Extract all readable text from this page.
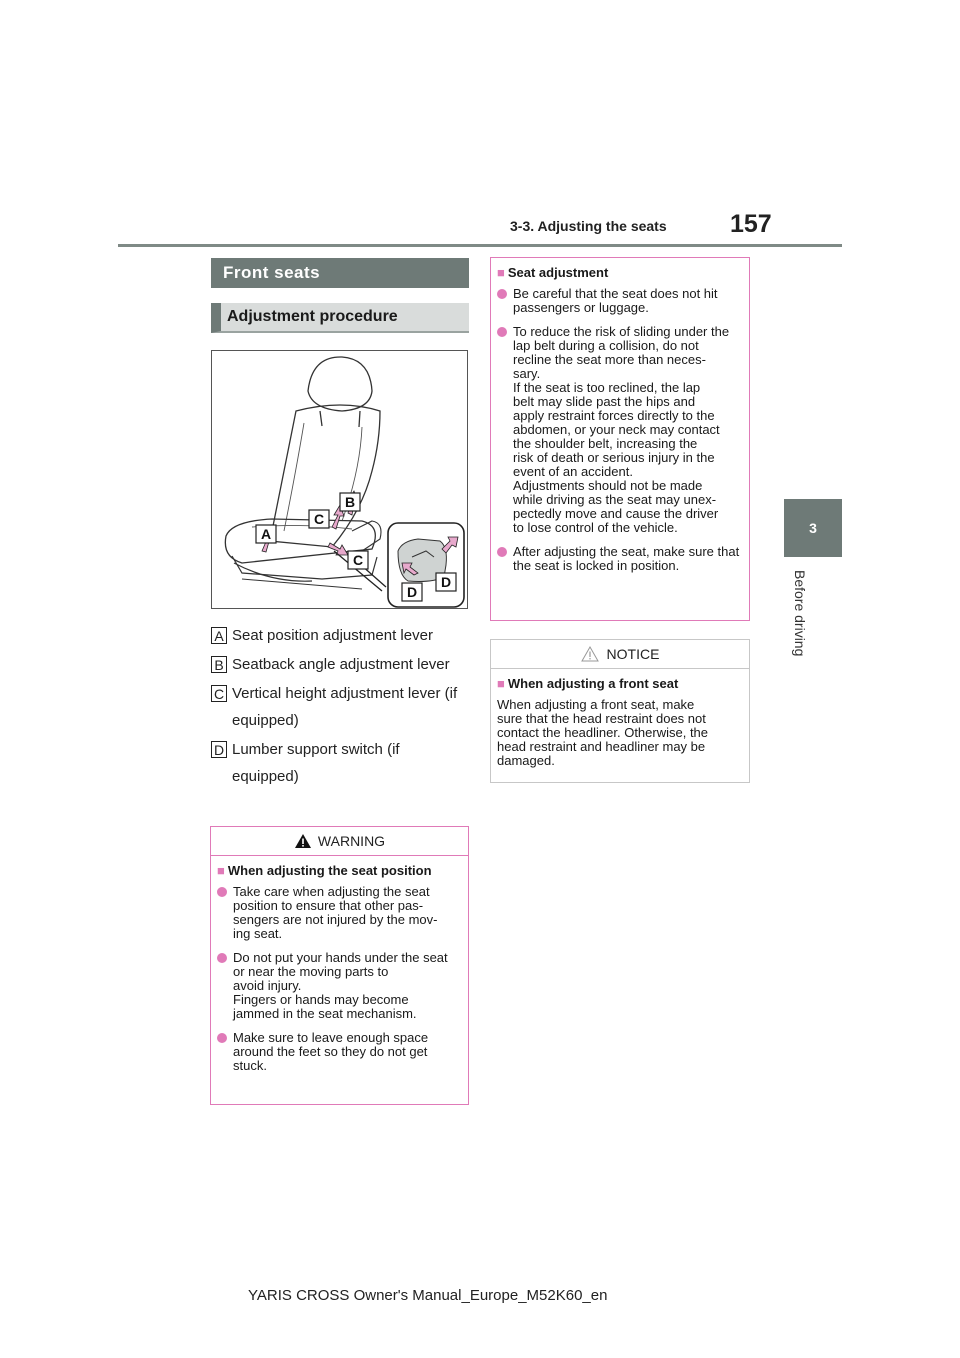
3-3. Adjusting the seats	157
3
Before driving
Front seats
Adjustment procedure
A
B
C
C
D
D
A Seat position adjustment lever
B Seatback angle adjustment lever
C Vertical height adjustment lever (if equipped)
D Lumber support switch (if equipped)
WARNING
■ When adjusting the seat position
Take care when adjusting the seat position to ensure that other pas-
sengers are not injured by the mov-
ing seat.
Do not put your hands under the seat or near the moving parts to
avoid injury.
Fingers or hands may become
jammed in the seat mechanism.
Make sure to leave enough space around the feet so they do not get
stuck.
■ Seat adjustment
Be careful that the seat does not hit passengers or luggage.
To reduce the risk of sliding under the lap belt during a collision, do not
recline the seat more than neces-
sary.
If the seat is too reclined, the lap
belt may slide past the hips and
apply restraint forces directly to the
abdomen, or your neck may contact
the shoulder belt, increasing the
risk of death or serious injury in the
event of an accident.
Adjustments should not be made
while driving as the seat may unex-
pectedly move and cause the driver
to lose control of the vehicle.
After adjusting the seat, make sure that the seat is locked in position.
NOTICE
■ When adjusting a front seat
When adjusting a front seat, make
sure that the head restraint does not
contact the headliner. Otherwise, the
head restraint and headliner may be
damaged.
YARIS CROSS Owner's Manual_Europe_M52K60_en
